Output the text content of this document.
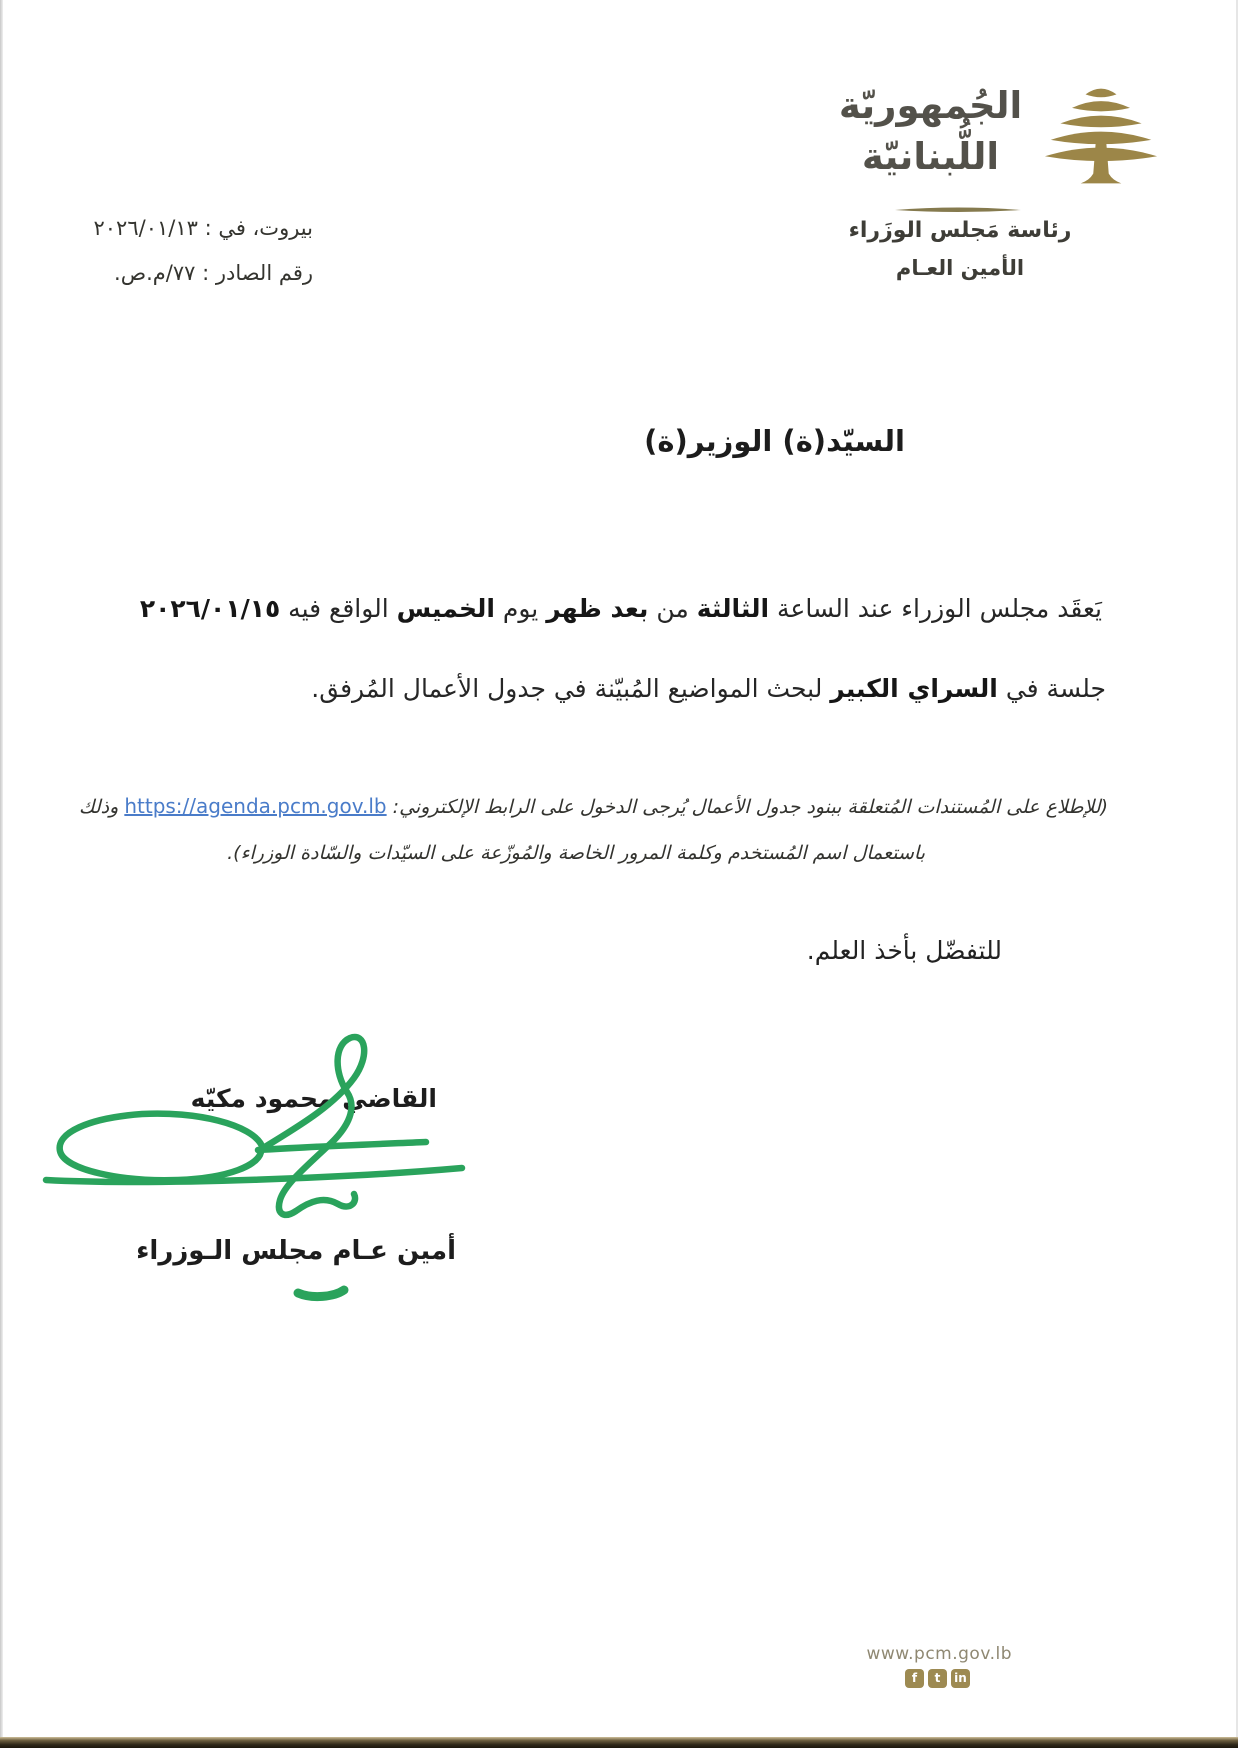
الجُمهوريّة
اللُّبنانيّة
رئاسة مَجلس الوزَراء
الأمين العـام
بيروت، في : ٢٠٢٦/٠١/١٣
رقم الصادر : ٧٧/م.ص.
السيّد(ة) الوزير(ة)
يَعقَد مجلس الوزراء عند الساعة الثالثة من بعد ظهر يوم الخميس الواقع فيه ٢٠٢٦/٠١/١٥
جلسة في السراي الكبير لبحث المواضيع المُبيّنة في جدول الأعمال المُرفق.
(للإطلاع على المُستندات المُتعلقة ببنود جدول الأعمال يُرجى الدخول على الرابط الإلكتروني: https://agenda.pcm.gov.lb وذلك
باستعمال اسم المُستخدم وكلمة المرور الخاصة والمُوزّعة على السيّدات والسّادة الوزراء).
للتفضّل بأخذ العلم.
القاضي محمود مكيّه
أمين عـام مجلس الـوزراء
www.pcm.gov.lb
f	t	in
